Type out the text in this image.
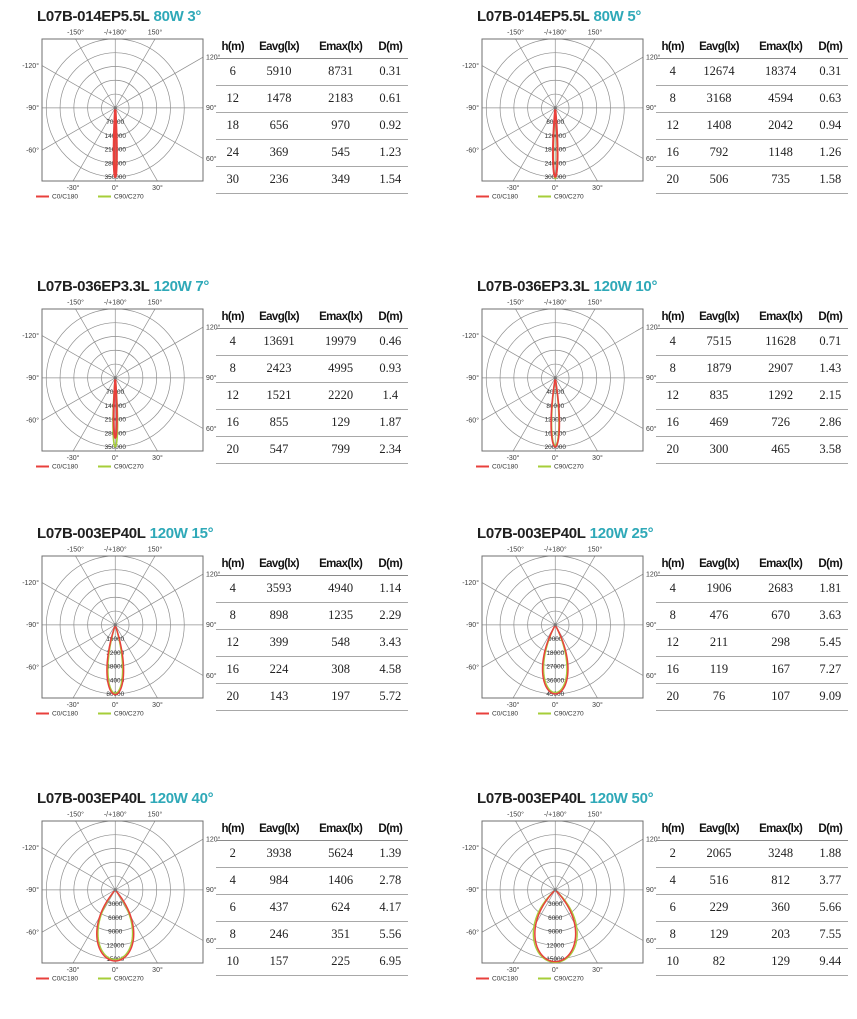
L07B-014EP5.5L 80W 3°
-150°	-/+180°	150°
-120°
120°
-90°	90°
-60°
60°
-30°	0°	30°
70000
140000
210000
280000
350000
C0/C180	C90/C270
h(m)	Eavg(lx)	Emax(lx)	D(m)
6	5910	8731	0.31
12	1478	2183	0.61
18	656	970	0.92
24	369	545	1.23
30	236	349	1.54
L07B-014EP5.5L 80W 5°
-150°	-/+180°	150°
-120°
120°
-90°	90°
-60°
60°
-30°	0°	30°
60000
120000
180000
240000
300000
C0/C180	C90/C270
h(m)	Eavg(lx)	Emax(lx)	D(m)
4	12674	18374	0.31
8	3168	4594	0.63
12	1408	2042	0.94
16	792	1148	1.26
20	506	735	1.58
L07B-036EP3.3L 120W 7°
-150°	-/+180°	150°
-120°
120°
-90°	90°
-60°
60°
-30°	0°	30°
70000
140000
210000
280000
350000
C0/C180	C90/C270
h(m)	Eavg(lx)	Emax(lx)	D(m)
4	13691	19979	0.46
8	2423	4995	0.93
12	1521	2220	1.4
16	855	129	1.87
20	547	799	2.34
L07B-036EP3.3L 120W 10°
-150°	-/+180°	150°
-120°
120°
-90°	90°
-60°
60°
-30°	0°	30°
40000
80000
120000
160000
200000
C0/C180	C90/C270
h(m)	Eavg(lx)	Emax(lx)	D(m)
4	7515	11628	0.71
8	1879	2907	1.43
12	835	1292	2.15
16	469	726	2.86
20	300	465	3.58
L07B-003EP40L 120W 15°
-150°	-/+180°	150°
-120°
120°
-90°	90°
-60°
60°
-30°	0°	30°
16000
32000
48000
64000
80000
C0/C180	C90/C270
h(m)	Eavg(lx)	Emax(lx)	D(m)
4	3593	4940	1.14
8	898	1235	2.29
12	399	548	3.43
16	224	308	4.58
20	143	197	5.72
L07B-003EP40L 120W 25°
-150°	-/+180°	150°
-120°
120°
-90°	90°
-60°
60°
-30°	0°	30°
9000
18000
27000
36000
45000
C0/C180	C90/C270
h(m)	Eavg(lx)	Emax(lx)	D(m)
4	1906	2683	1.81
8	476	670	3.63
12	211	298	5.45
16	119	167	7.27
20	76	107	9.09
L07B-003EP40L 120W 40°
-150°	-/+180°	150°
-120°
120°
-90°	90°
-60°
60°
-30°	0°	30°
3000
6000
9000
12000
15000
C0/C180	C90/C270
h(m)	Eavg(lx)	Emax(lx)	D(m)
2	3938	5624	1.39
4	984	1406	2.78
6	437	624	4.17
8	246	351	5.56
10	157	225	6.95
L07B-003EP40L 120W 50°
-150°	-/+180°	150°
-120°
120°
-90°	90°
-60°
60°
-30°	0°	30°
3000
6000
9000
12000
15000
C0/C180	C90/C270
h(m)	Eavg(lx)	Emax(lx)	D(m)
2	2065	3248	1.88
4	516	812	3.77
6	229	360	5.66
8	129	203	7.55
10	82	129	9.44
